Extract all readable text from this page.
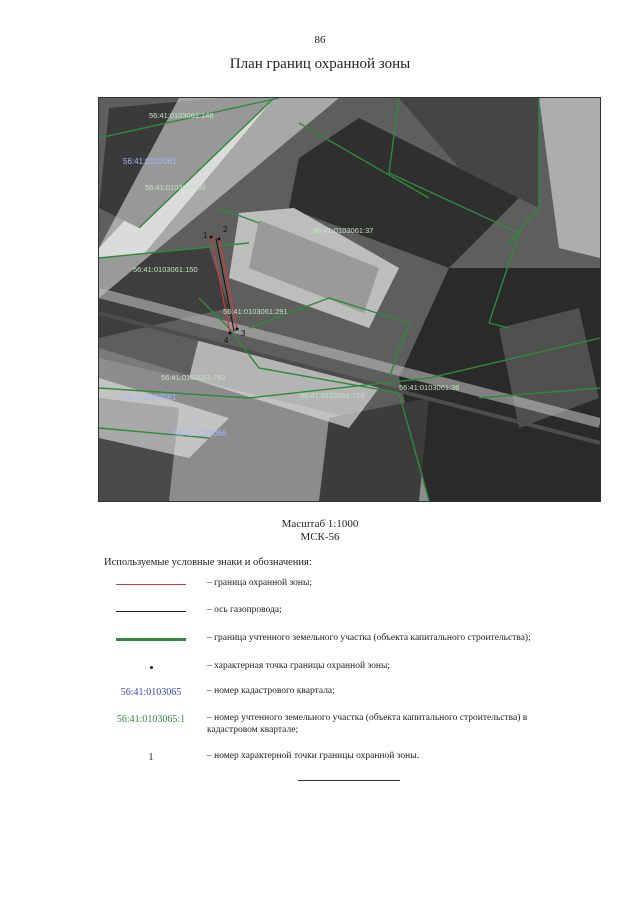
86
План границ охранной зоны
1
2
3
4
56:41:0103061:148
56:41:0103061:59
56:41:0103061:37
56:41:0103061:150
56:41:0103061:291
56:41:0102061:753
56:41:0102061:710
56:41:0103061:36
56:41:0102061
56:41:0103061
56:41:0102066
Масштаб 1:1000
МСК-56
Используемые условные знаки и обозначения:
– граница охранной зоны;
– ось газопровода;
– граница учтенного земельного участка (объекта капитального строительства);
– характерная точка границы охранной зоны;
56:41:0103065	– номер кадастрового квартала;
56:41:0103065:1 – номер учтенного земельного участка (объекта капитального строительства) в кадастровом квартале;
1	– номер характерной точки границы охранной зоны.
